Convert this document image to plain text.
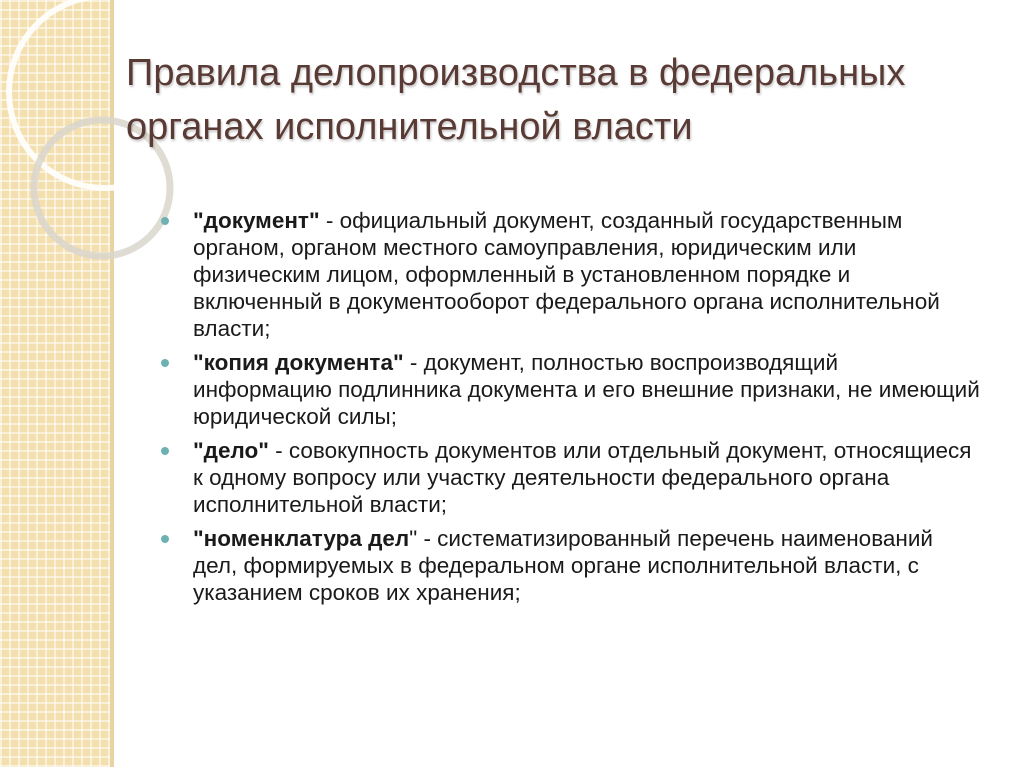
Правила делопроизводства в федеральных органах исполнительной власти
"документ" - официальный документ, созданный государственным органом, органом местного самоуправления, юридическим или физическим лицом, оформленный в установленном порядке и включенный в документооборот федерального органа исполнительной власти;
"копия документа" - документ, полностью воспроизводящий информацию подлинника документа и его внешние признаки, не имеющий юридической силы;
"дело" - совокупность документов или отдельный документ, относящиеся к одному вопросу или участку деятельности федерального органа исполнительной власти;
"номенклатура дел" - систематизированный перечень наименований дел, формируемых в федеральном органе исполнительной власти, с указанием сроков их хранения;
